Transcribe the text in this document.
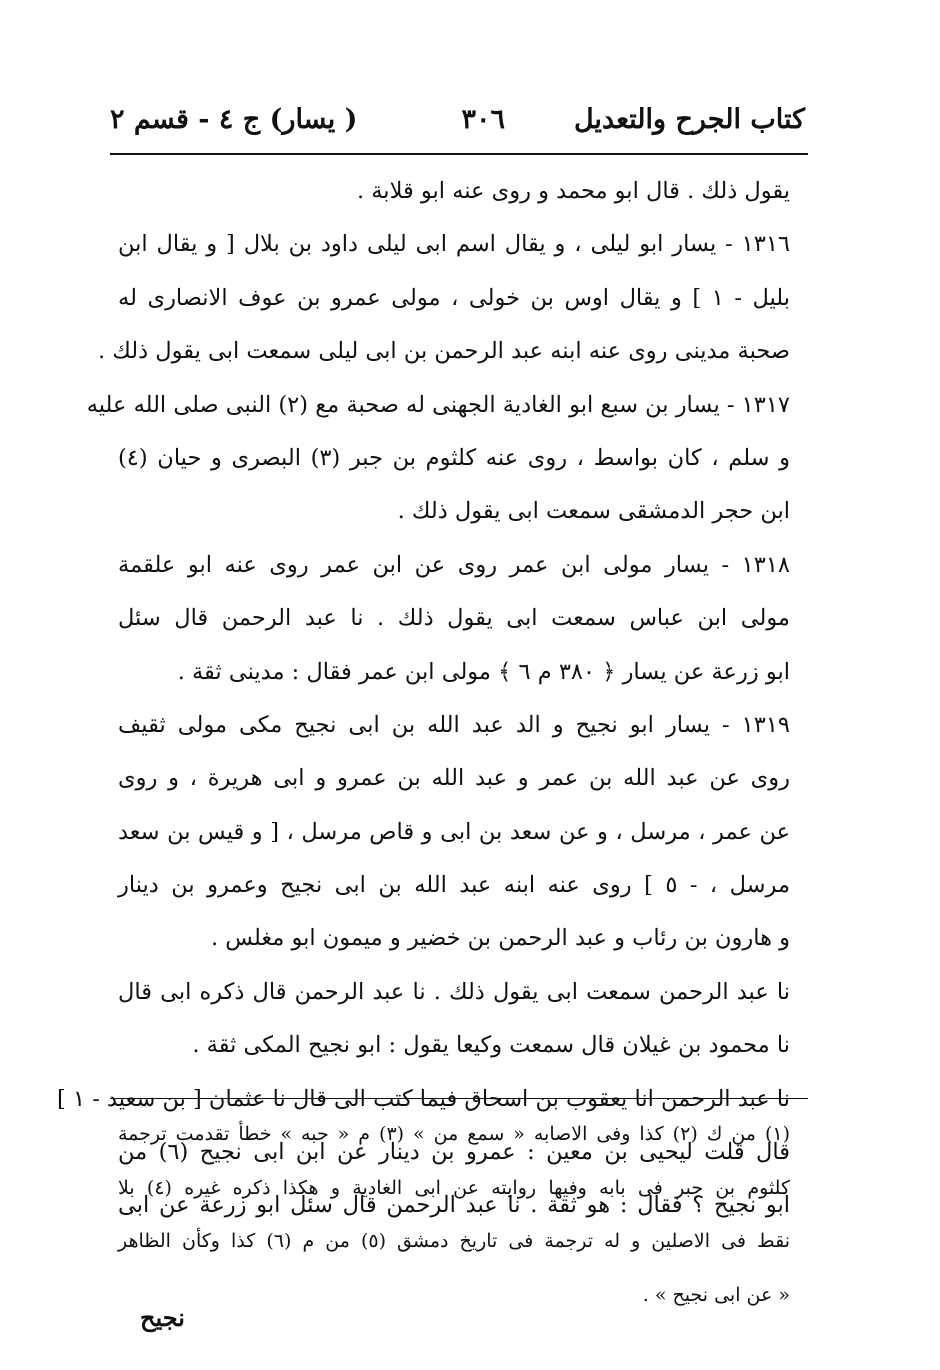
كتاب الجرح والتعديل
٣٠٦
( يسار) ج ٤ - قسم ٢
يقول ذلك . قال ابو محمد و روى عنه ابو قلابة .
١٣١٦ - يسار ابو ليلى ، و يقال اسم ابى ليلى داود بن بلال [ و يقال ابن
بليل - ١ ] و يقال اوس بن خولى ، مولى عمرو بن عوف الانصارى له
صحبة مدينى روى عنه ابنه عبد الرحمن بن ابى ليلى سمعت ابى يقول ذلك .
١٣١٧ - يسار بن سبع ابو الغادية الجهنى له صحبة مع (٢) النبى صلى الله عليه
و سلم ، كان بواسط ، روى عنه كلثوم بن جبر (٣) البصرى و حيان (٤)
ابن حجر الدمشقى سمعت ابى يقول ذلك .
١٣١٨ - يسار مولى ابن عمر روى عن ابن عمر روى عنه ابو علقمة
مولى ابن عباس سمعت ابى يقول ذلك . نا عبد الرحمن قال سئل
ابو زرعة عن يسار ﴿ ٣٨٠ م ٦ ﴾ مولى ابن عمر فقال : مدينى ثقة .
١٣١٩ - يسار ابو نجيح و الد عبد الله بن ابى نجيح مكى مولى ثقيف
روى عن عبد الله بن عمر و عبد الله بن عمرو و ابى هريرة ، و روى
عن عمر ، مرسل ، و عن سعد بن ابى و قاص مرسل ، [ و قيس بن سعد
مرسل ، - ٥ ] روى عنه ابنه عبد الله بن ابى نجيح وعمرو بن دينار
و هارون بن رئاب و عبد الرحمن بن خضير و ميمون ابو مغلس .
نا عبد الرحمن سمعت ابى يقول ذلك . نا عبد الرحمن قال ذكره ابى قال
نا محمود بن غيلان قال سمعت وكيعا يقول : ابو نجيح المكى ثقة .
نا عبد الرحمن انا يعقوب بن اسحاق فيما كتب الى قال نا عثمان [ بن سعيد - ١ ]
قال قلت ليحيى بن معين : عمرو بن دينار عن ابن ابى نجيح (٦) من
ابو نجيح ؟ فقال : هو ثقة . نا عبد الرحمن قال سئل ابو زرعة عن ابى
(١) من ك (٢) كذا وفى الاصابه « سمع من » (٣) م « حبه » خطأ تقدمت ترجمة
كلثوم بن جبر فى بابه وفيها روايته عن ابى الغادية و هكذا ذكره غيره (٤) بلا
نقط فى الاصلين و له ترجمة فى تاريخ دمشق (٥) من م (٦) كذا وكأن الظاهر
« عن ابى نجيح » .
نجيح
